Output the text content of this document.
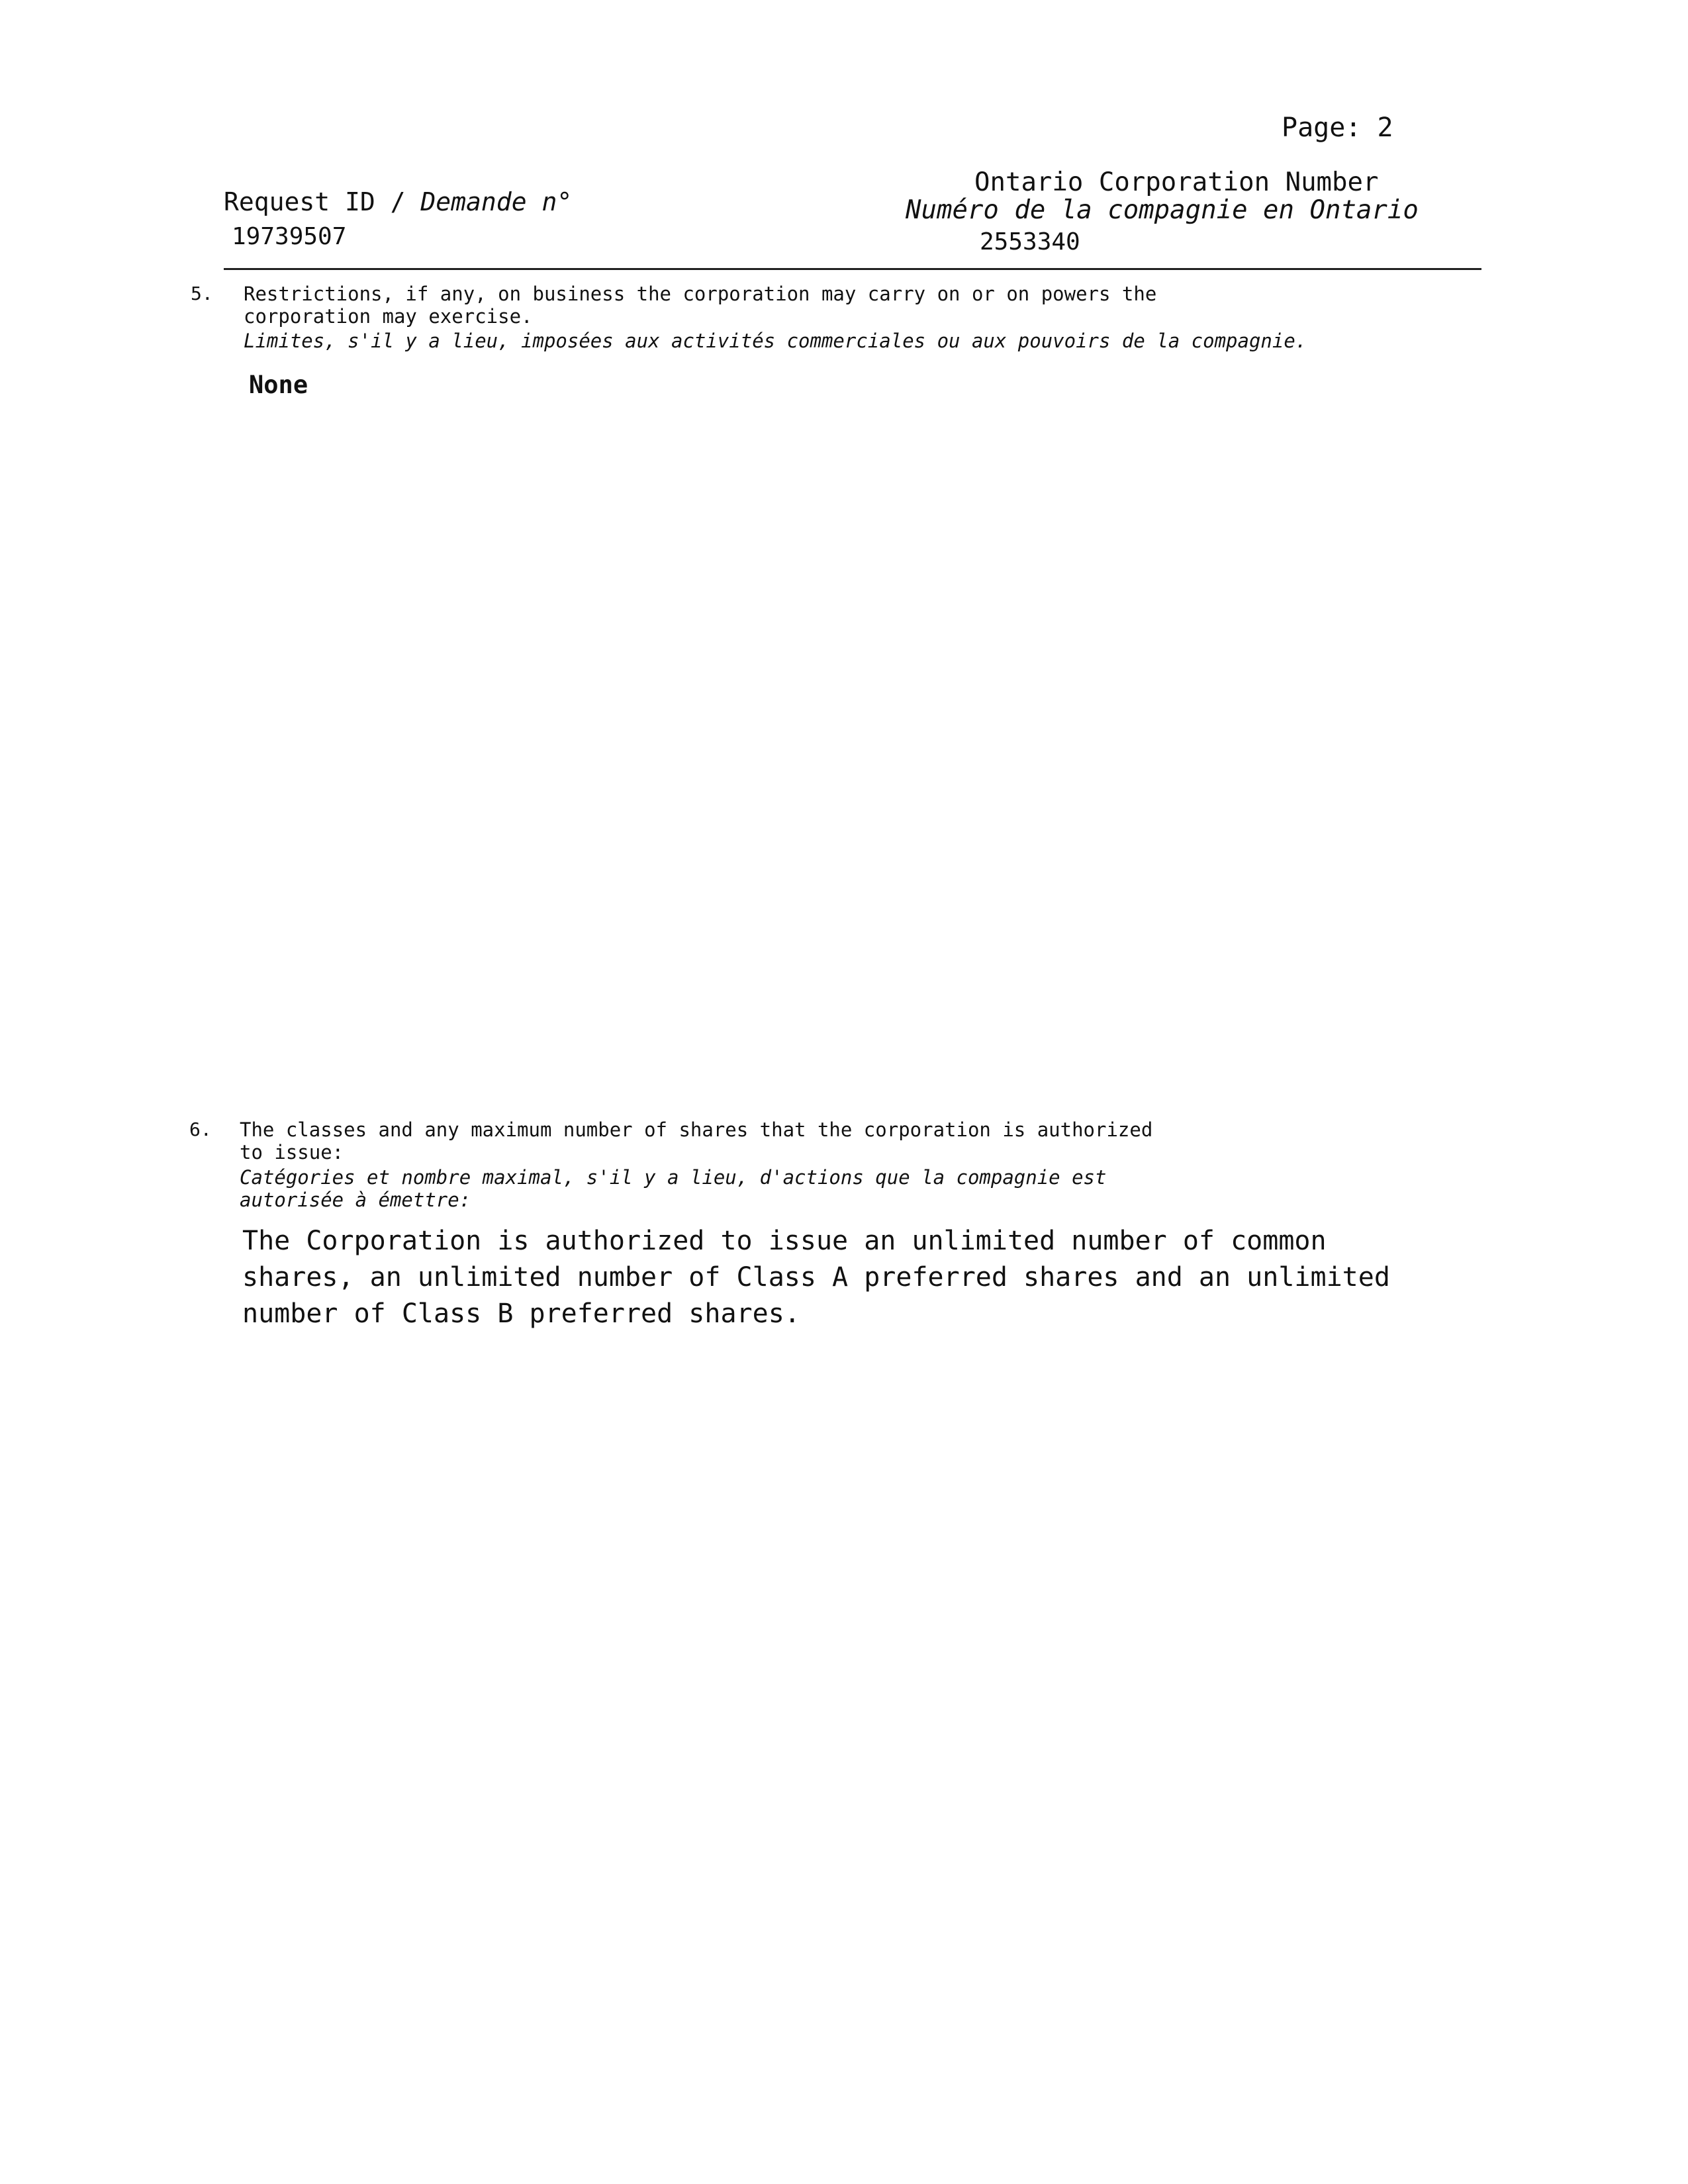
Page: 2
Request ID / Demande n°
19739507
Ontario Corporation Number
Numéro de la compagnie en Ontario
2553340
5. Restrictions, if any, on business the corporation may carry on or on powers the
corporation may exercise.
Limites, s'il y a lieu, imposées aux activités commerciales ou aux pouvoirs de la compagnie.
None
6. The classes and any maximum number of shares that the corporation is authorized
to issue:
Catégories et nombre maximal, s'il y a lieu, d'actions que la compagnie est
autorisée à émettre:
The Corporation is authorized to issue an unlimited number of common
shares, an unlimited number of Class A preferred shares and an unlimited
number of Class B preferred shares.
